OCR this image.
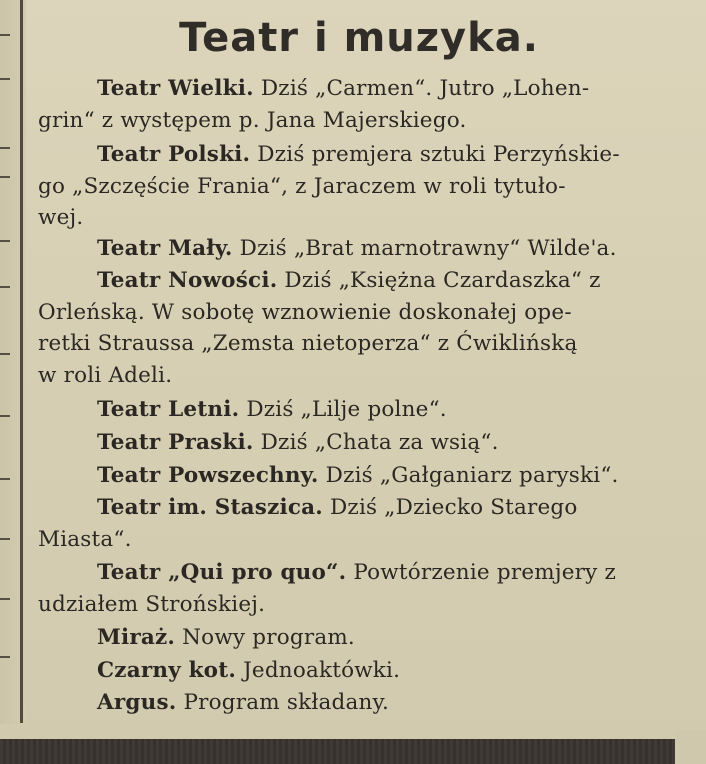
Teatr i muzyka.
Teatr Wielki. Dziś „Carmen“. Jutro „Lohen-
grin“ z występem p. Jana Majerskiego.
Teatr Polski. Dziś premjera sztuki Perzyńskie-
go „Szczęście Frania“, z Jaraczem w roli tytuło-
wej.
Teatr Mały. Dziś „Brat marnotrawny“ Wilde'a.
Teatr Nowości. Dziś „Księżna Czardaszka“ z
Orleńską. W sobotę wznowienie doskonałej ope-
retki Straussa „Zemsta nietoperza“ z Ćwiklińską
w roli Adeli.
Teatr Letni. Dziś „Lilje polne“.
Teatr Praski. Dziś „Chata za wsią“.
Teatr Powszechny. Dziś „Gałganiarz paryski“.
Teatr im. Staszica. Dziś „Dziecko Starego
Miasta“.
Teatr „Qui pro quo“. Powtórzenie premjery z
udziałem Strońskiej.
Miraż. Nowy program.
Czarny kot. Jednoaktówki.
Argus. Program składany.
